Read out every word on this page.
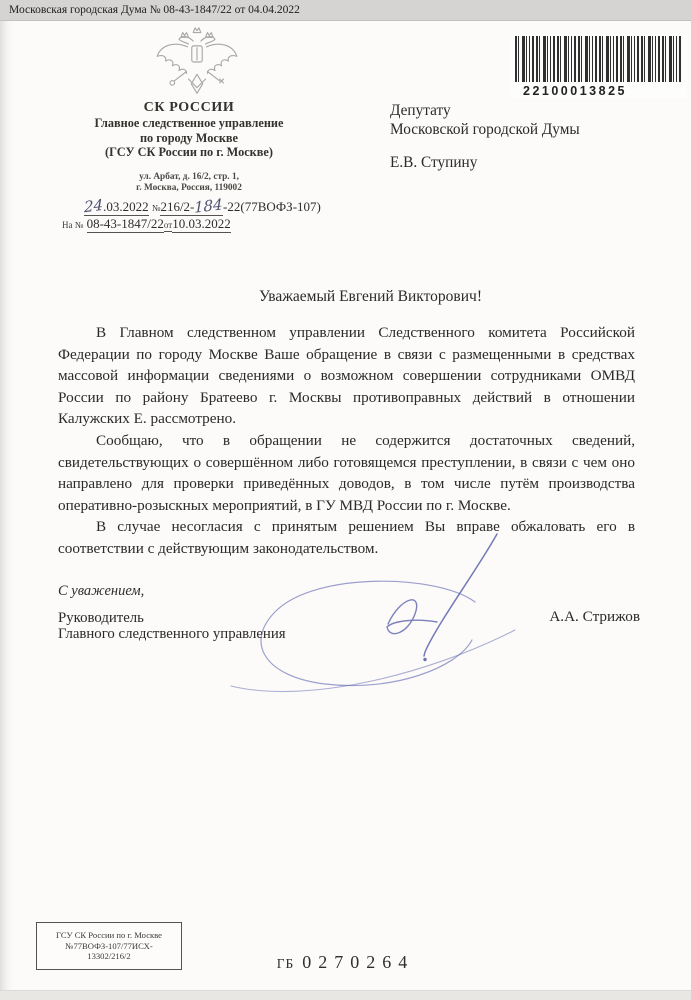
Московская городская Дума № 08-43-1847/22 от 04.04.2022
СК РОССИИ
Главное следственное управление
по городу Москве
(ГСУ СК России по г. Москве)
ул. Арбат, д. 16/2, стр. 1,
г. Москва, Россия, 119002
24.03.2022 №216/2-184-22(77ВОФЗ-107)
На № 08-43-1847/22от10.03.2022
22100013825
Депутату
Московской городской Думы
Е.В. Ступину
Уважаемый Евгений Викторович!

В Главном следственном управлении Следственного комитета Российской Федерации по городу Москве Ваше обращение в связи с размещенными в средствах массовой информации сведениями о возможном совершении сотрудниками ОМВД России по району Братеево г. Москвы противоправных действий в отношении Калужских Е. рассмотрено.

Сообщаю, что в обращении не содержится достаточных сведений, свидетельствующих о совершённом либо готовящемся преступлении, в связи с чем оно направлено для проверки приведённых доводов, в том числе путём производства оперативно-розыскных мероприятий, в ГУ МВД России по г. Москве.

В случае несогласия с принятым решением Вы вправе обжаловать его в соответствии с действующим законодательством.

С уважением,
Руководитель
Главного следственного управления
А.А. Стрижов
ГСУ СК России по г. Москве
№77ВОФЗ-107/77ИСХ-
13302/216/2	ГБ 0270264
